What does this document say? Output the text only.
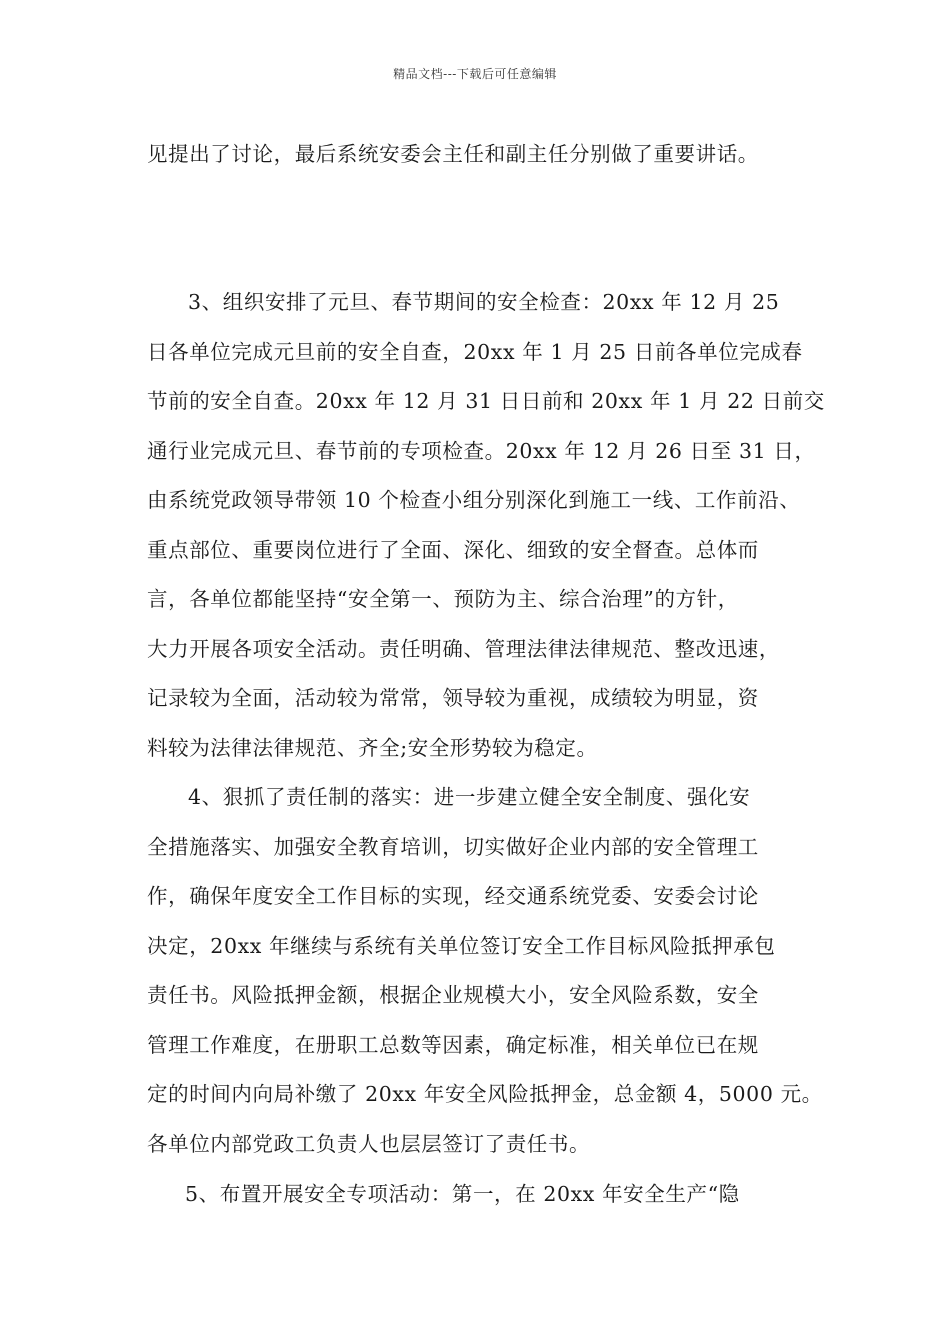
精品文档---下载后可任意编辑
见提出了讨论，最后系统安委会主任和副主任分别做了重要讲话。
3、组织安排了元旦、春节期间的安全检查：20xx 年 12 月 25
日各单位完成元旦前的安全自查，20xx 年 1 月 25 日前各单位完成春
节前的安全自查。20xx 年 12 月 31 日日前和 20xx 年 1 月 22 日前交
通行业完成元旦、春节前的专项检查。20xx 年 12 月 26 日至 31 日，
由系统党政领导带领 10 个检查小组分别深化到施工一线、工作前沿、
重点部位、重要岗位进行了全面、深化、细致的安全督查。总体而
言，各单位都能坚持“安全第一、预防为主、综合治理”的方针，
大力开展各项安全活动。责任明确、管理法律法律规范、整改迅速，
记录较为全面，活动较为常常，领导较为重视，成绩较为明显，资
料较为法律法律规范、齐全;安全形势较为稳定。
4、狠抓了责任制的落实：进一步建立健全安全制度、强化安
全措施落实、加强安全教育培训，切实做好企业内部的安全管理工
作，确保年度安全工作目标的实现，经交通系统党委、安委会讨论
决定，20xx 年继续与系统有关单位签订安全工作目标风险抵押承包
责任书。风险抵押金额，根据企业规模大小，安全风险系数，安全
管理工作难度，在册职工总数等因素，确定标准，相关单位已在规
定的时间内向局补缴了 20xx 年安全风险抵押金，总金额 4，5000 元。
各单位内部党政工负责人也层层签订了责任书。
5、布置开展安全专项活动：第一，在 20xx 年安全生产“隐
